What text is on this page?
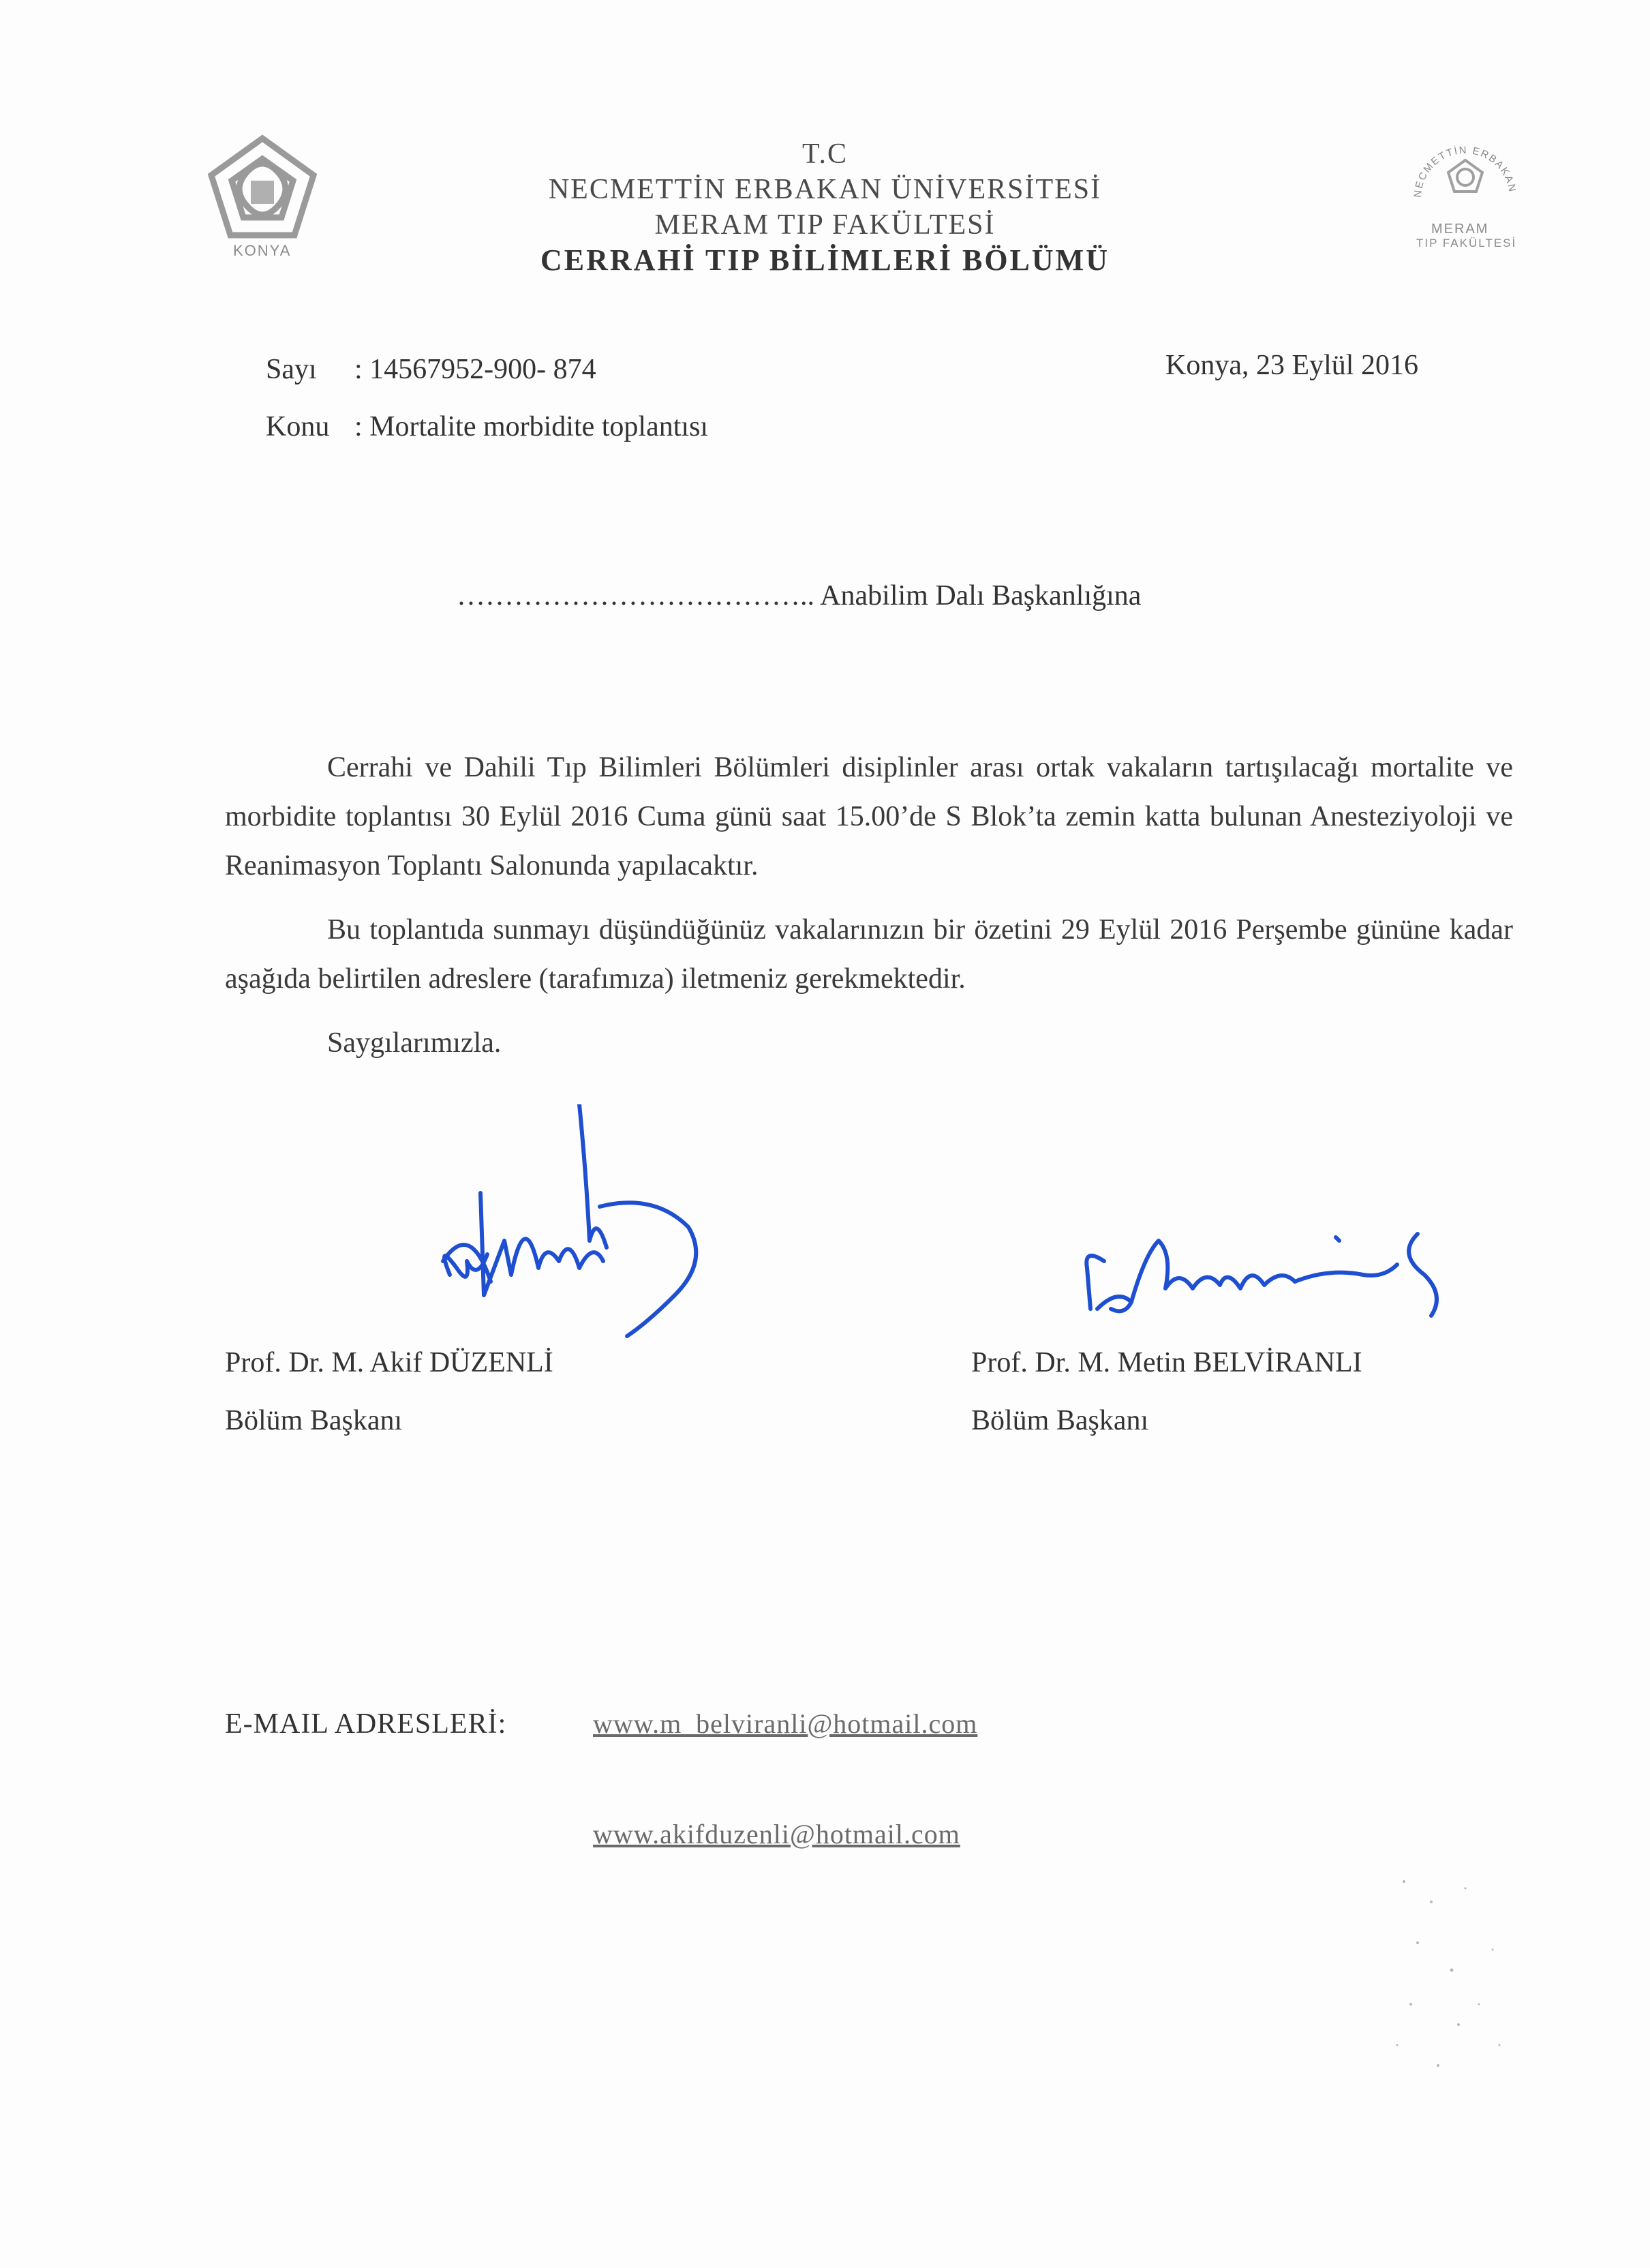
KONYA
NECMETTİN ERBAKAN
MERAM
TIP FAKÜLTESİ
T.C
NECMETTİN ERBAKAN ÜNİVERSİTESİ
MERAM TIP FAKÜLTESİ
CERRAHİ TIP BİLİMLERİ BÖLÜMÜ
Sayı : 14567952-900- 874	Konya, 23 Eylül 2016
Konu : Mortalite morbidite toplantısı
……………………………….. Anabilim Dalı Başkanlığına

Cerrahi ve Dahili Tıp Bilimleri Bölümleri disiplinler arası ortak vakaların tartışılacağı mortalite ve morbidite toplantısı 30 Eylül 2016 Cuma günü saat 15.00’de S Blok’ta zemin katta bulunan Anesteziyoloji ve Reanimasyon Toplantı Salonunda yapılacaktır.

Bu toplantıda sunmayı düşündüğünüz vakalarınızın bir özetini 29 Eylül 2016 Perşembe gününe kadar aşağıda belirtilen adreslere (tarafımıza) iletmeniz gerekmektedir.

Saygılarımızla.

Prof. Dr. M. Akif DÜZENLİ
Bölüm Başkanı
Prof. Dr. M. Metin BELVİRANLI
Bölüm Başkanı
E-MAIL ADRESLERİ:	www.m_belviranli@hotmail.com
www.akifduzenli@hotmail.com
